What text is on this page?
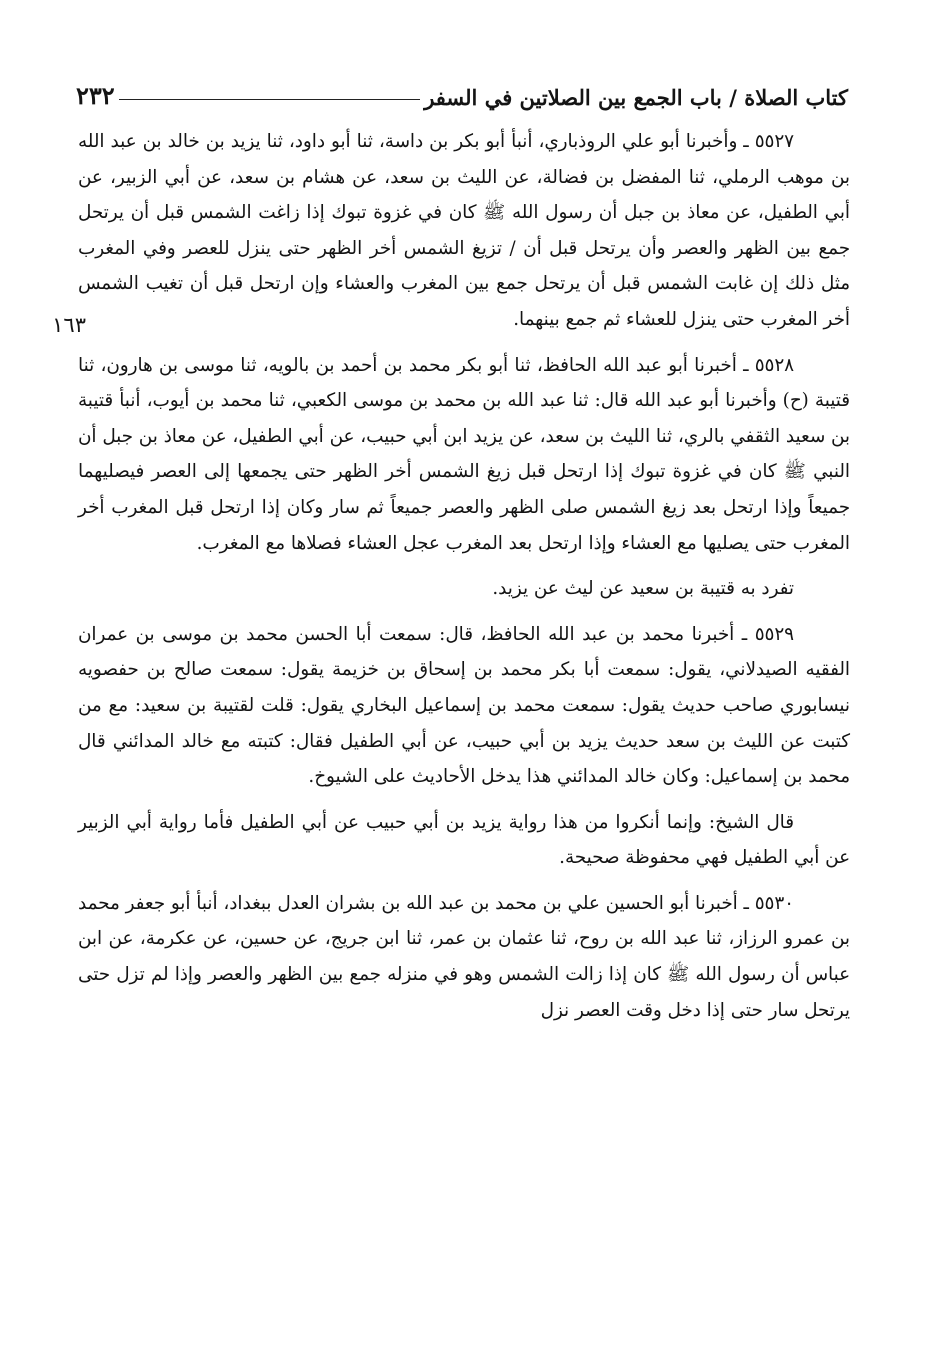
كتاب الصلاة / باب الجمع بين الصلاتين في السفر
٢٣٢
١٦٣

٥٥٢٧ ـ وأخبرنا أبو علي الروذباري، أنبأ أبو بكر بن داسة، ثنا أبو داود، ثنا يزيد بن خالد بن عبد الله بن موهب الرملي، ثنا المفضل بن فضالة، عن الليث بن سعد، عن هشام بن سعد، عن أبي الزبير، عن أبي الطفيل، عن معاذ بن جبل أن رسول الله ﷺ كان في غزوة تبوك إذا زاغت الشمس قبل أن يرتحل جمع بين الظهر والعصر وأن يرتحل قبل أن / تزيغ الشمس أخر الظهر حتى ينزل للعصر وفي المغرب مثل ذلك إن غابت الشمس قبل أن يرتحل جمع بين المغرب والعشاء وإن ارتحل قبل أن تغيب الشمس أخر المغرب حتى ينزل للعشاء ثم جمع بينهما.

٥٥٢٨ ـ أخبرنا أبو عبد الله الحافظ، ثنا أبو بكر محمد بن أحمد بن بالويه، ثنا موسى بن هارون، ثنا قتيبة (ح) وأخبرنا أبو عبد الله قال: ثنا عبد الله بن محمد بن موسى الكعبي، ثنا محمد بن أيوب، أنبأ قتيبة بن سعيد الثقفي بالري، ثنا الليث بن سعد، عن يزيد ابن أبي حبيب، عن أبي الطفيل، عن معاذ بن جبل أن النبي ﷺ كان في غزوة تبوك إذا ارتحل قبل زيغ الشمس أخر الظهر حتى يجمعها إلى العصر فيصليهما جميعاً وإذا ارتحل بعد زيغ الشمس صلى الظهر والعصر جميعاً ثم سار وكان إذا ارتحل قبل المغرب أخر المغرب حتى يصليها مع العشاء وإذا ارتحل بعد المغرب عجل العشاء فصلاها مع المغرب.

تفرد به قتيبة بن سعيد عن ليث عن يزيد.

٥٥٢٩ ـ أخبرنا محمد بن عبد الله الحافظ، قال: سمعت أبا الحسن محمد بن موسى بن عمران الفقيه الصيدلاني، يقول: سمعت أبا بكر محمد بن إسحاق بن خزيمة يقول: سمعت صالح بن حفصويه نيسابوري صاحب حديث يقول: سمعت محمد بن إسماعيل البخاري يقول: قلت لقتيبة بن سعيد: مع من كتبت عن الليث بن سعد حديث يزيد بن أبي حبيب، عن أبي الطفيل فقال: كتبته مع خالد المدائني قال محمد بن إسماعيل: وكان خالد المدائني هذا يدخل الأحاديث على الشيوخ.

قال الشيخ: وإنما أنكروا من هذا رواية يزيد بن أبي حبيب عن أبي الطفيل فأما رواية أبي الزبير عن أبي الطفيل فهي محفوظة صحيحة.

٥٥٣٠ ـ أخبرنا أبو الحسين علي بن محمد بن عبد الله بن بشران العدل ببغداد، أنبأ أبو جعفر محمد بن عمرو الرزاز، ثنا عبد الله بن روح، ثنا عثمان بن عمر، ثنا ابن جريج، عن حسين، عن عكرمة، عن ابن عباس أن رسول الله ﷺ كان إذا زالت الشمس وهو في منزله جمع بين الظهر والعصر وإذا لم تزل حتى يرتحل سار حتى إذا دخل وقت العصر نزل
